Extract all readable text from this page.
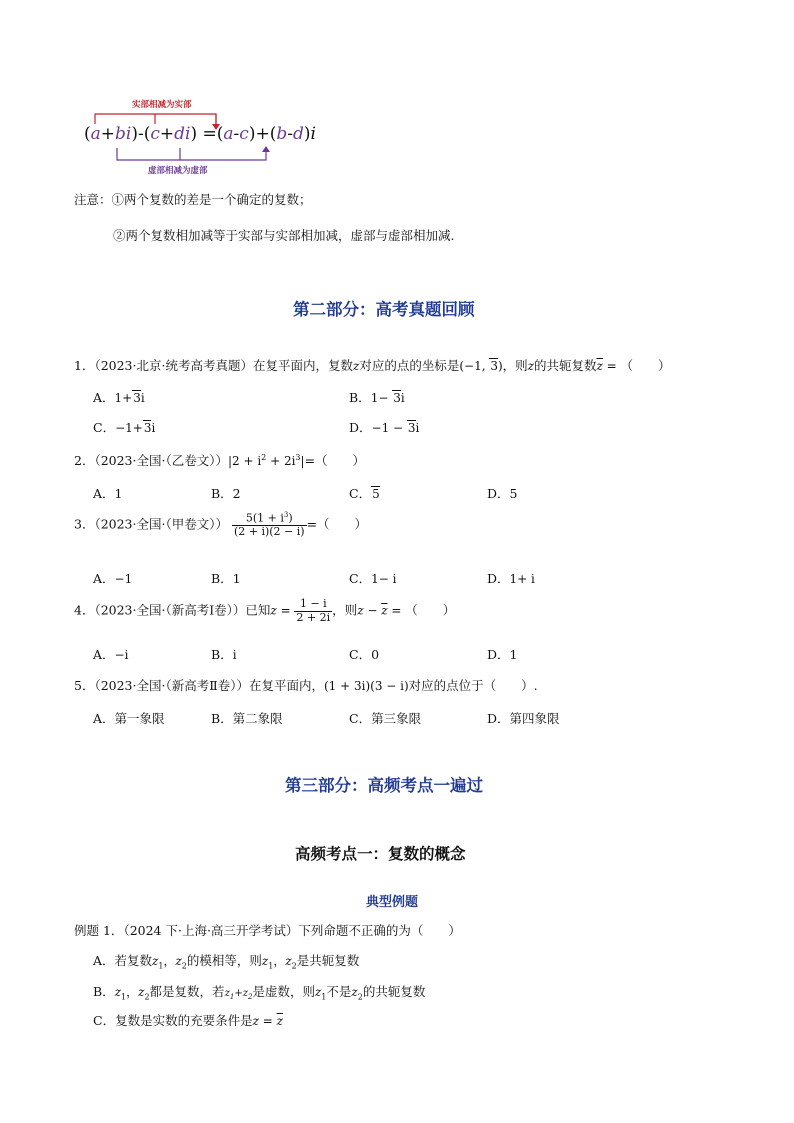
实部相减为实部
(a+bi)-(c+di) =(a-c)+(b-d)i
虚部相减为虚部
注意：①两个复数的差是一个确定的复数；
②两个复数相加减等于实部与实部相加减，虚部与虚部相加减.
第二部分：高考真题回顾
1．（2023·北京·统考高考真题）在复平面内，复数z对应的点的坐标是(−1, 3)，则z的共轭复数$\overline{z}$ = （　　）
A．1+3i	B．1− 3i
C．−1+3i	D．−1 − 3i
2．（2023·全国·（乙卷文））$|2 + i^2 + 2i^3|=$（　　）
A．1	B．2	C．5	D．5
3．（2023·全国·（甲卷文）） $\frac{5(1 + i^3)}{(2 + i)(2 - i)}$ =（　　）
A．−1	B．1	C．1− i	D．1+ i
4．（2023·全国·（新高考Ⅰ卷））已知$z = \frac{1 - i}{2 + 2i}$ ，则$z - \overline{z}$ = （　　）
A．−i	B．i	C．0	D．1
5．（2023·全国·（新高考Ⅱ卷））在复平面内，(1 + 3i)(3 − i)对应的点位于（　　）.
A．第一象限	B．第二象限	C．第三象限	D．第四象限
第三部分：高频考点一遍过
高频考点一：复数的概念
典型例题
例题 1．（2024 下·上海·高三开学考试）下列命题不正确的为（　　）
A．若复数$z_1$，$z_2$的模相等，则$z_1$，$z_2$是共轭复数
B．$z_1$，$z_2$都是复数，若$z_1+z_2$是虚数，则$z_1$不是$z_2$的共轭复数
C．复数是实数的充要条件是$z = \overline{z}$
